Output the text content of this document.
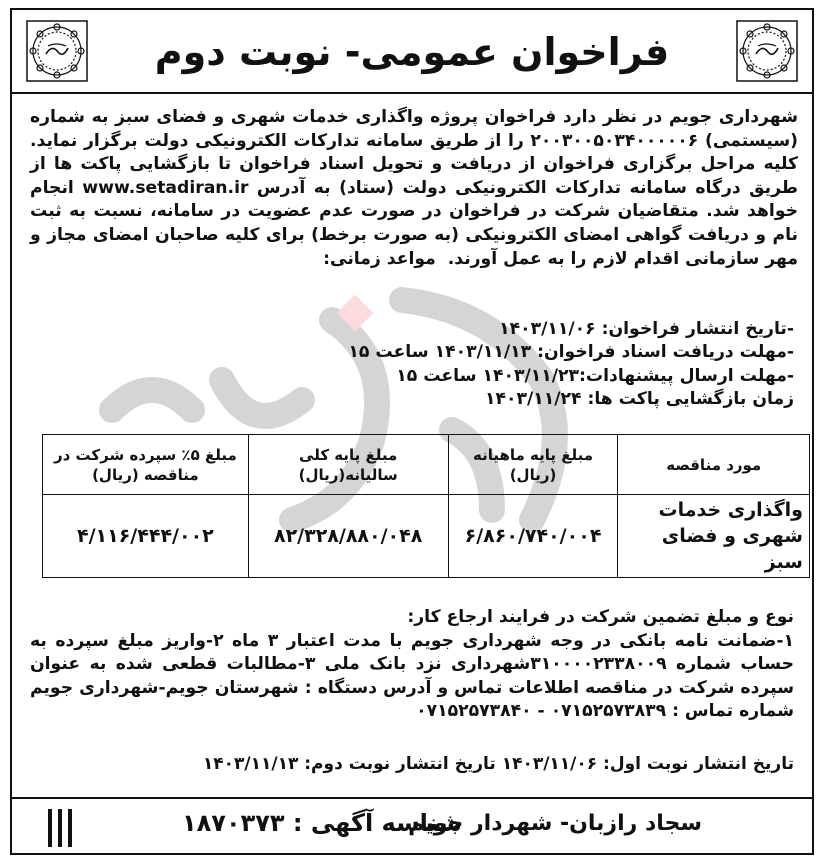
فراخوان عمومی- نوبت دوم
شهرداری جویم در نظر دارد فراخوان پروژه واگذاری خدمات شهری و فضای سبز به شماره (سیستمی) ۲۰۰۳۰۰۵۰۳۴۰۰۰۰۰۶ را از طریق سامانه تدارکات الکترونیکی دولت برگزار نماید. کلیه مراحل برگزاری فراخوان از دریافت و تحویل اسناد فراخوان تا بازگشایی پاکت ها از طریق درگاه سامانه تدارکات الکترونیکی دولت (ستاد) به آدرس www.setadiran.ir انجام خواهد شد. متقاضیان شرکت در فراخوان در صورت عدم عضویت در سامانه، نسبت به ثبت نام و دریافت گواهی امضای الکترونیکی (به صورت برخط) برای کلیه صاحبان امضای مجاز و مهر سازمانی اقدام لازم را به عمل آورند.  مواعد زمانی:
-تاریخ انتشار فراخوان: ۱۴۰۳/۱۱/۰۶
-مهلت دریافت اسناد فراخوان: ۱۴۰۳/۱۱/۱۳ ساعت ۱۵
-مهلت ارسال پیشنهادات:۱۴۰۳/۱۱/۲۳ ساعت ۱۵
زمان بازگشایی پاکت ها: ۱۴۰۳/۱۱/۲۴
مورد مناقصه	مبلغ پایه ماهیانه (ریال)	مبلغ پایه کلی سالیانه(ریال)	مبلغ ۵٪ سپرده شرکت در مناقصه (ریال)
واگذاری خدمات شهری و فضای سبز	۶/۸۶۰/۷۴۰/۰۰۴	۸۲/۳۲۸/۸۸۰/۰۴۸	۴/۱۱۶/۴۴۴/۰۰۲
نوع و مبلغ تضمین شرکت در فرایند ارجاع کار:
۱-ضمانت نامه بانکی در وجه شهرداری جویم با مدت اعتبار ۳ ماه ۲-واریز مبلغ سپرده به حساب شماره ۳۱۰۰۰۰۲۳۳۸۰۰۹شهرداری نزد بانک ملی ۳-مطالبات قطعی شده به عنوان سپرده شرکت در مناقصه اطلاعات تماس و آدرس دستگاه : شهرستان جویم-شهرداری جویم شماره تماس : ۰۷۱۵۲۵۷۳۸۳۹ - ۰۷۱۵۲۵۷۳۸۴۰
تاریخ انتشار نوبت اول: ۱۴۰۳/۱۱/۰۶ تاریخ انتشار نوبت دوم: ۱۴۰۳/۱۱/۱۳
شناسه آگهی : ۱۸۷۰۳۷۳
سجاد رازبان- شهردار جویم
